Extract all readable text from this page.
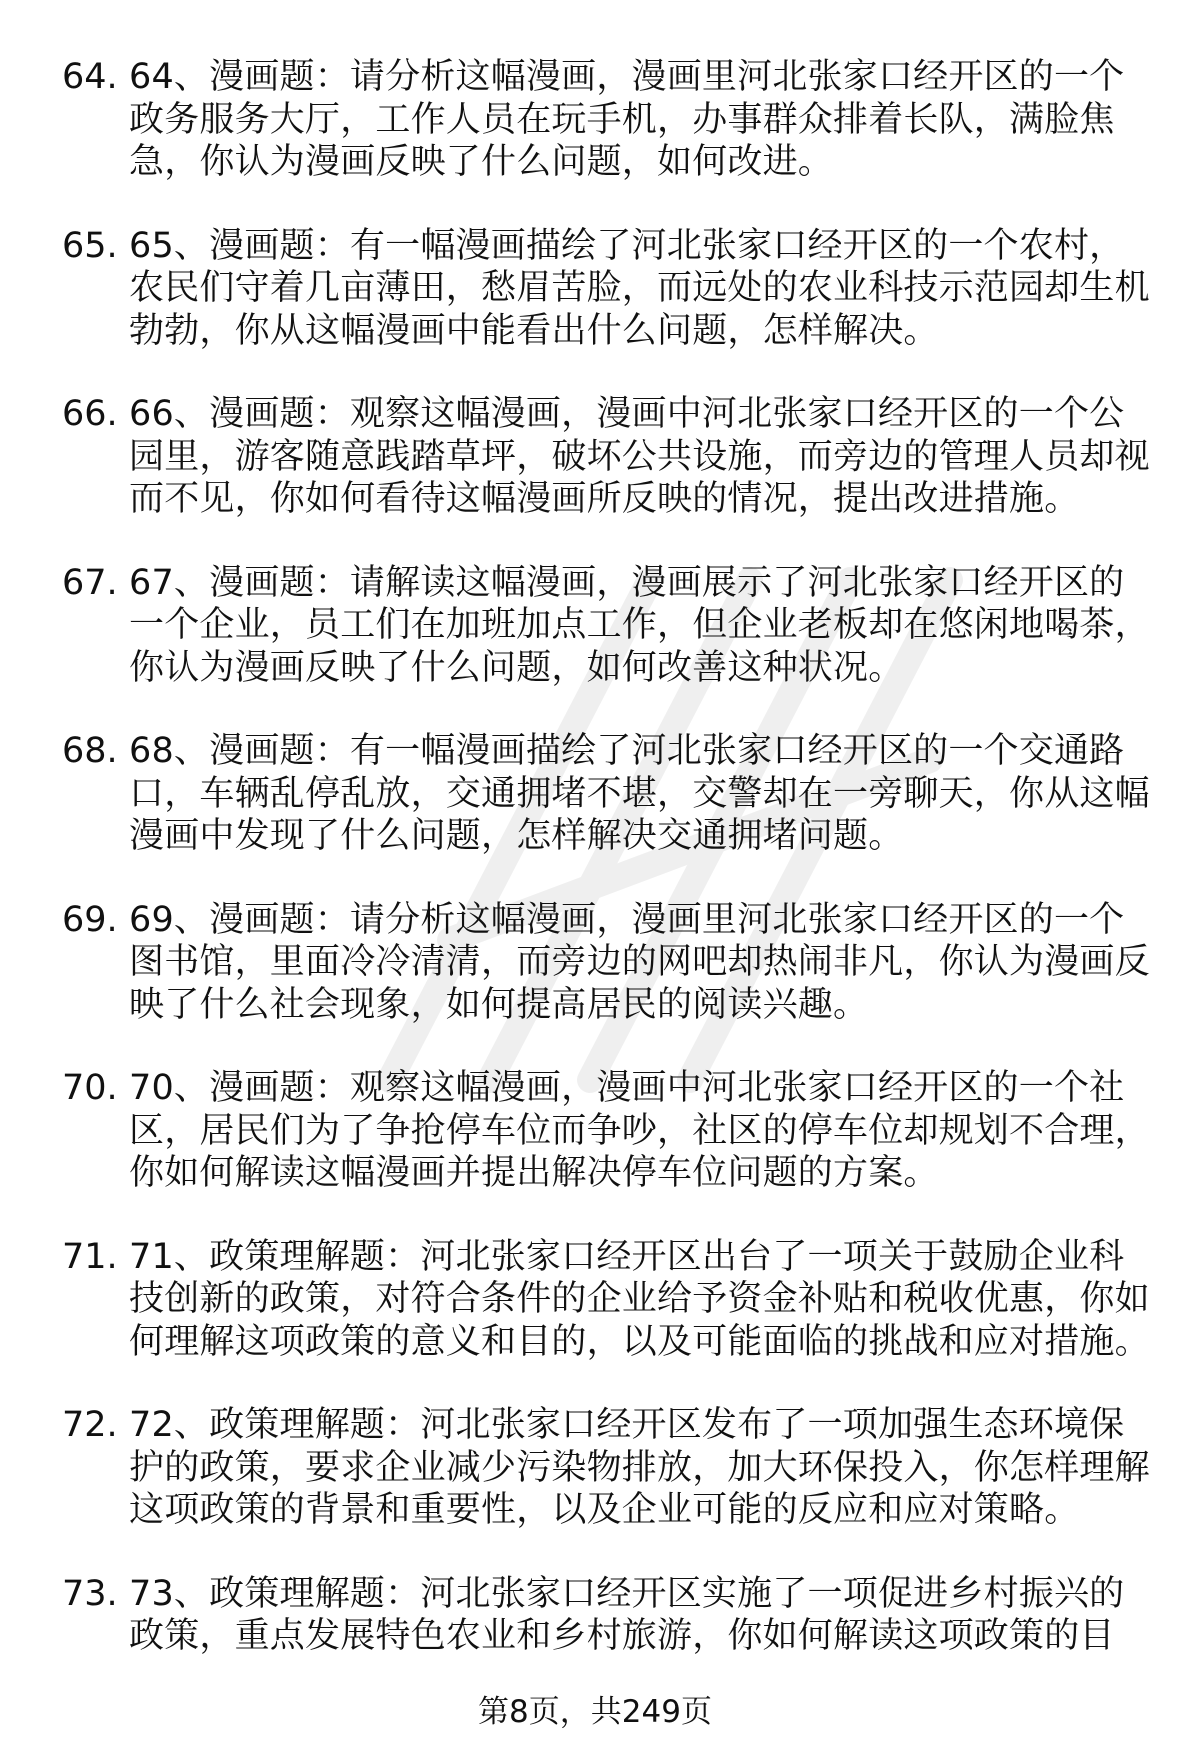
64. 64、漫画题：请分析这幅漫画，漫画里河北张家口经开区的一个政务服务大厅，工作人员在玩手机，办事群众排着长队，满脸焦急，你认为漫画反映了什么问题，如何改进。
65. 65、漫画题：有一幅漫画描绘了河北张家口经开区的一个农村，农民们守着几亩薄田，愁眉苦脸，而远处的农业科技示范园却生机勃勃，你从这幅漫画中能看出什么问题，怎样解决。
66. 66、漫画题：观察这幅漫画，漫画中河北张家口经开区的一个公园里，游客随意践踏草坪，破坏公共设施，而旁边的管理人员却视而不见，你如何看待这幅漫画所反映的情况，提出改进措施。
67. 67、漫画题：请解读这幅漫画，漫画展示了河北张家口经开区的一个企业，员工们在加班加点工作，但企业老板却在悠闲地喝茶，你认为漫画反映了什么问题，如何改善这种状况。
68. 68、漫画题：有一幅漫画描绘了河北张家口经开区的一个交通路口，车辆乱停乱放，交通拥堵不堪，交警却在一旁聊天，你从这幅漫画中发现了什么问题，怎样解决交通拥堵问题。
69. 69、漫画题：请分析这幅漫画，漫画里河北张家口经开区的一个图书馆，里面冷冷清清，而旁边的网吧却热闹非凡，你认为漫画反映了什么社会现象，如何提高居民的阅读兴趣。
70. 70、漫画题：观察这幅漫画，漫画中河北张家口经开区的一个社区，居民们为了争抢停车位而争吵，社区的停车位却规划不合理，你如何解读这幅漫画并提出解决停车位问题的方案。
71. 71、政策理解题：河北张家口经开区出台了一项关于鼓励企业科技创新的政策，对符合条件的企业给予资金补贴和税收优惠，你如何理解这项政策的意义和目的，以及可能面临的挑战和应对措施。
72. 72、政策理解题：河北张家口经开区发布了一项加强生态环境保护的政策，要求企业减少污染物排放，加大环保投入，你怎样理解这项政策的背景和重要性，以及企业可能的反应和应对策略。
73. 73、政策理解题：河北张家口经开区实施了一项促进乡村振兴的政策，重点发展特色农业和乡村旅游，你如何解读这项政策的目
第8页，共249页
